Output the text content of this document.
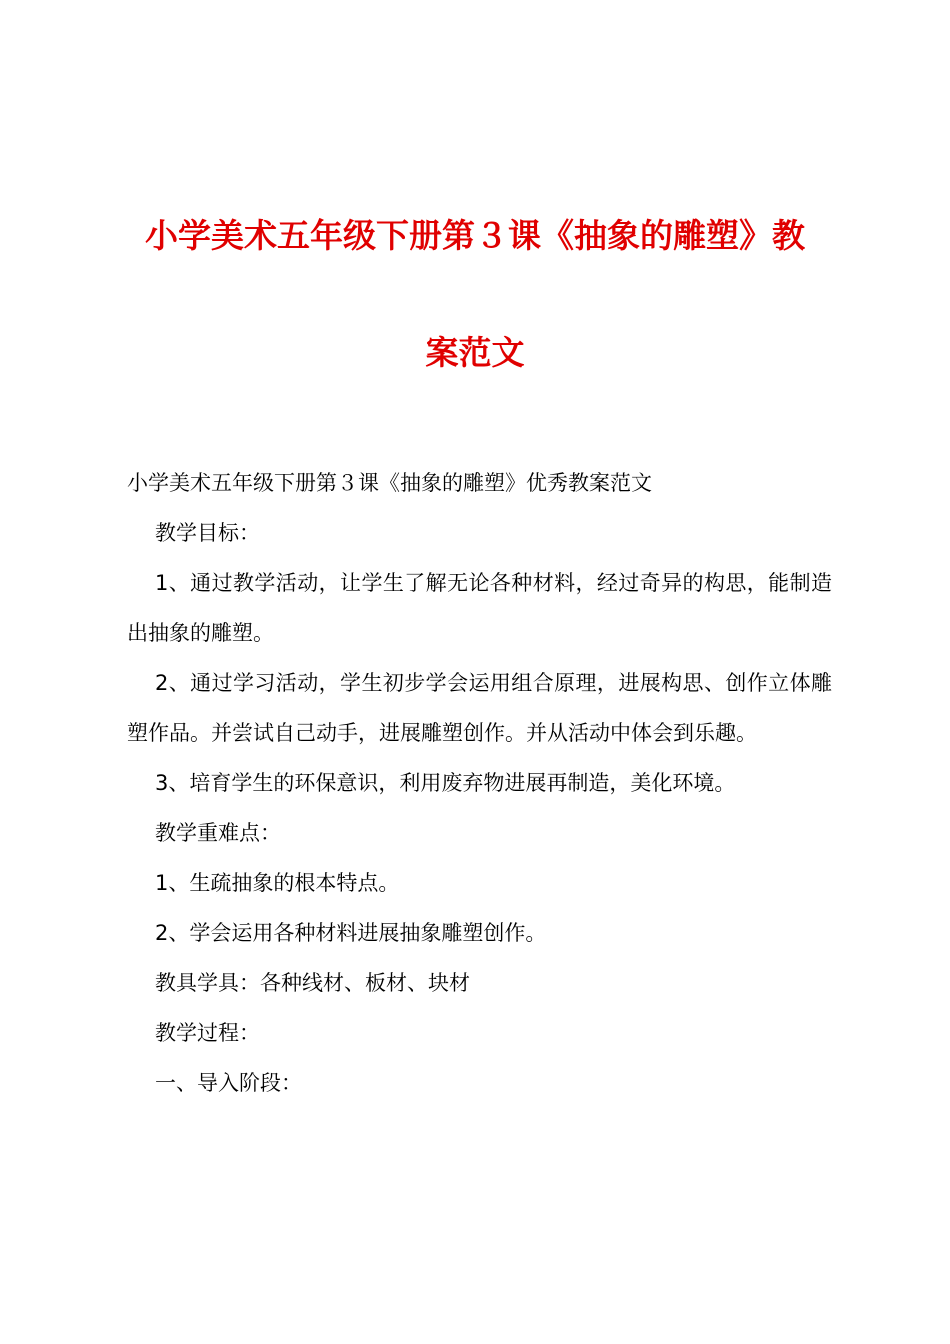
小学美术五年级下册第３课《抽象的雕塑》教
案范文

小学美术五年级下册第３课《抽象的雕塑》优秀教案范文

教学目标：

1、通过教学活动，让学生了解无论各种材料，经过奇异的构思，能制造出抽象的雕塑。

2、通过学习活动，学生初步学会运用组合原理，进展构思、创作立体雕塑作品。并尝试自己动手，进展雕塑创作。并从活动中体会到乐趣。

3、培育学生的环保意识，利用废弃物进展再制造，美化环境。

教学重难点：

1、生疏抽象的根本特点。

2、学会运用各种材料进展抽象雕塑创作。

教具学具：各种线材、板材、块材

教学过程：

一、导入阶段：
